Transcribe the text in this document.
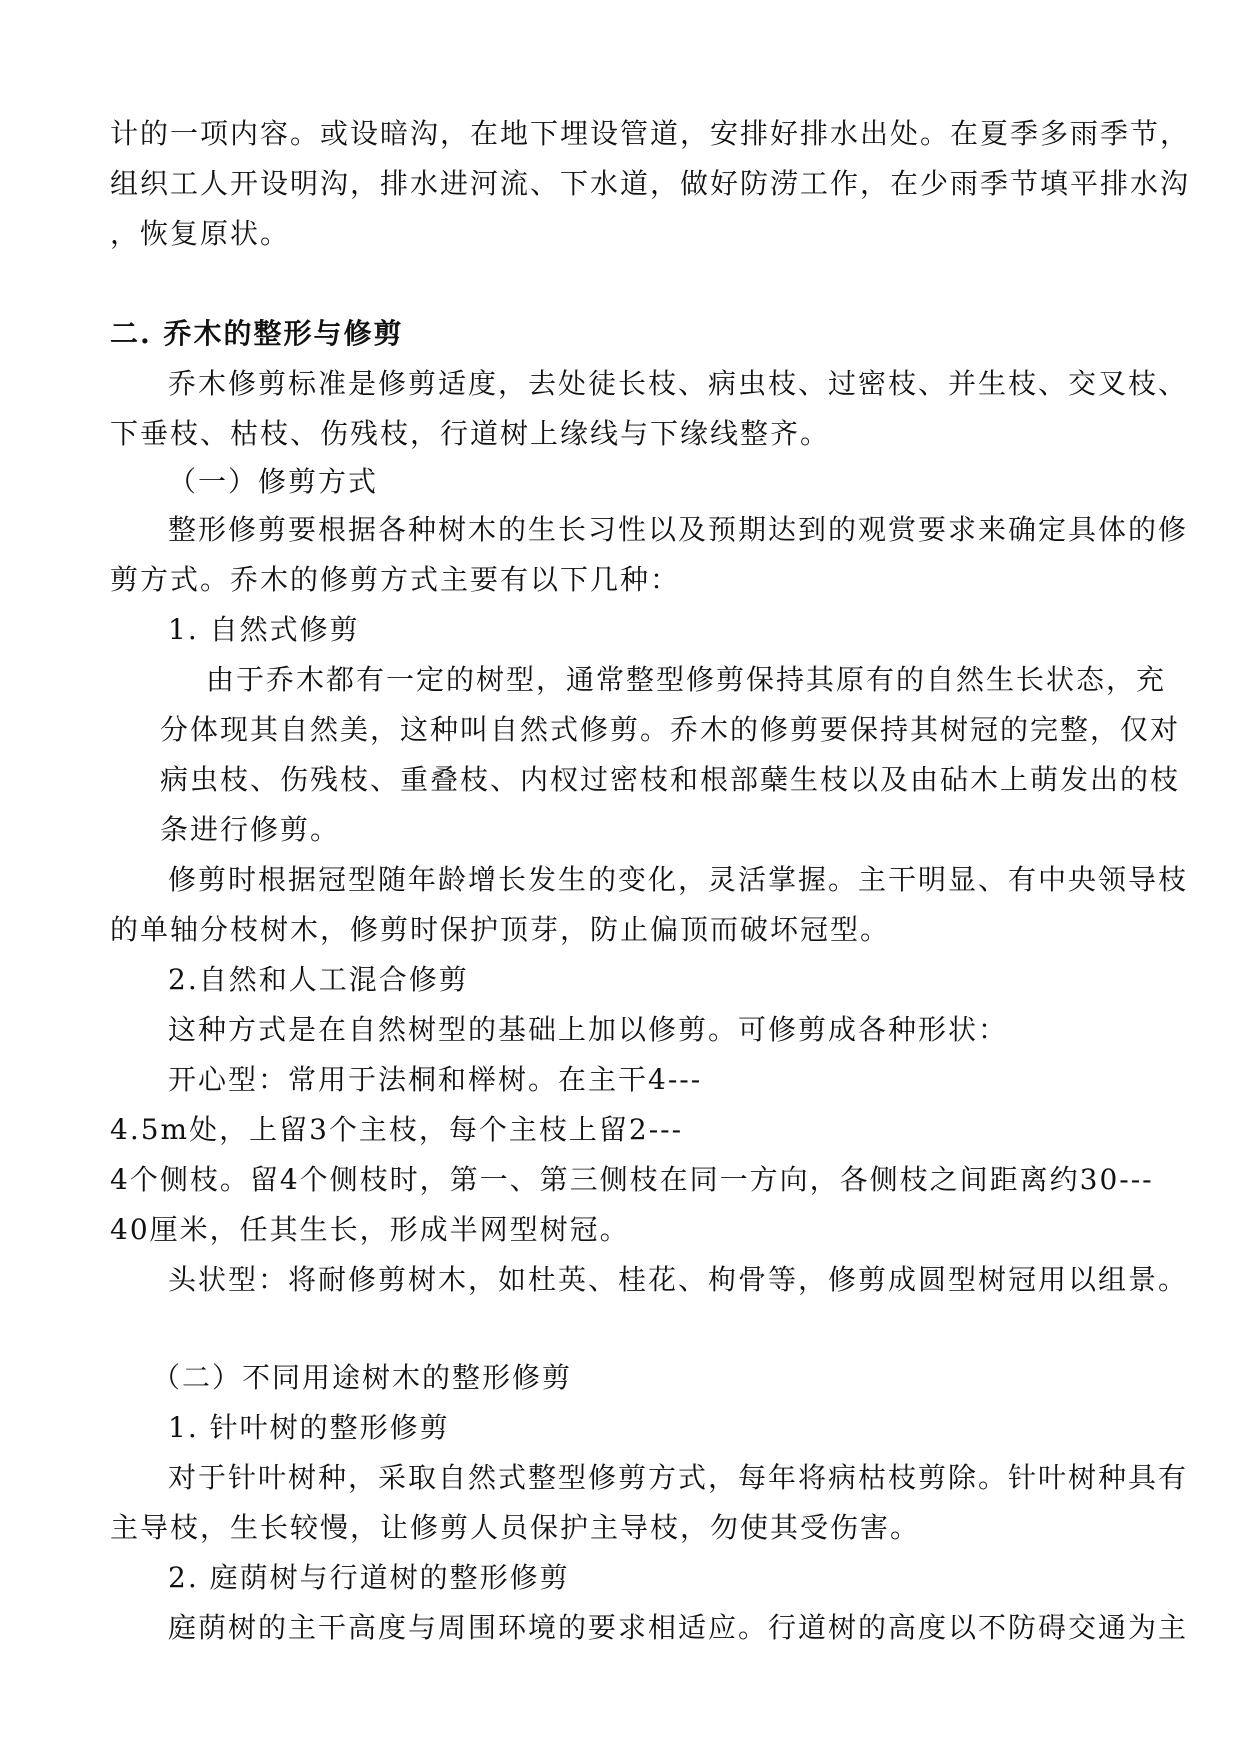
计的一项内容。或设暗沟，在地下埋设管道，安排好排水出处。在夏季多雨季节，
组织工人开设明沟，排水进河流、下水道，做好防涝工作，在少雨季节填平排水沟
，恢复原状。
二. 乔木的整形与修剪
乔木修剪标准是修剪适度，去处徒长枝、病虫枝、过密枝、并生枝、交叉枝、
下垂枝、枯枝、伤残枝，行道树上缘线与下缘线整齐。
（一）修剪方式
整形修剪要根据各种树木的生长习性以及预期达到的观赏要求来确定具体的修
剪方式。乔木的修剪方式主要有以下几种：
1. 自然式修剪
由于乔木都有一定的树型，通常整型修剪保持其原有的自然生长状态，充
分体现其自然美，这种叫自然式修剪。乔木的修剪要保持其树冠的完整，仅对
病虫枝、伤残枝、重叠枝、内杈过密枝和根部蘖生枝以及由砧木上萌发出的枝
条进行修剪。
修剪时根据冠型随年龄增长发生的变化，灵活掌握。主干明显、有中央领导枝
的单轴分枝树木，修剪时保护顶芽，防止偏顶而破坏冠型。
2.自然和人工混合修剪
这种方式是在自然树型的基础上加以修剪。可修剪成各种形状：
开心型：常用于法桐和榉树。在主干4---
4.5m处，上留3个主枝，每个主枝上留2---
4个侧枝。留4个侧枝时，第一、第三侧枝在同一方向，各侧枝之间距离约30---
40厘米，任其生长，形成半网型树冠。
头状型：将耐修剪树木，如杜英、桂花、枸骨等，修剪成圆型树冠用以组景。
（二）不同用途树木的整形修剪
1. 针叶树的整形修剪
对于针叶树种，采取自然式整型修剪方式，每年将病枯枝剪除。针叶树种具有
主导枝，生长较慢，让修剪人员保护主导枝，勿使其受伤害。
2. 庭荫树与行道树的整形修剪
庭荫树的主干高度与周围环境的要求相适应。行道树的高度以不防碍交通为主
